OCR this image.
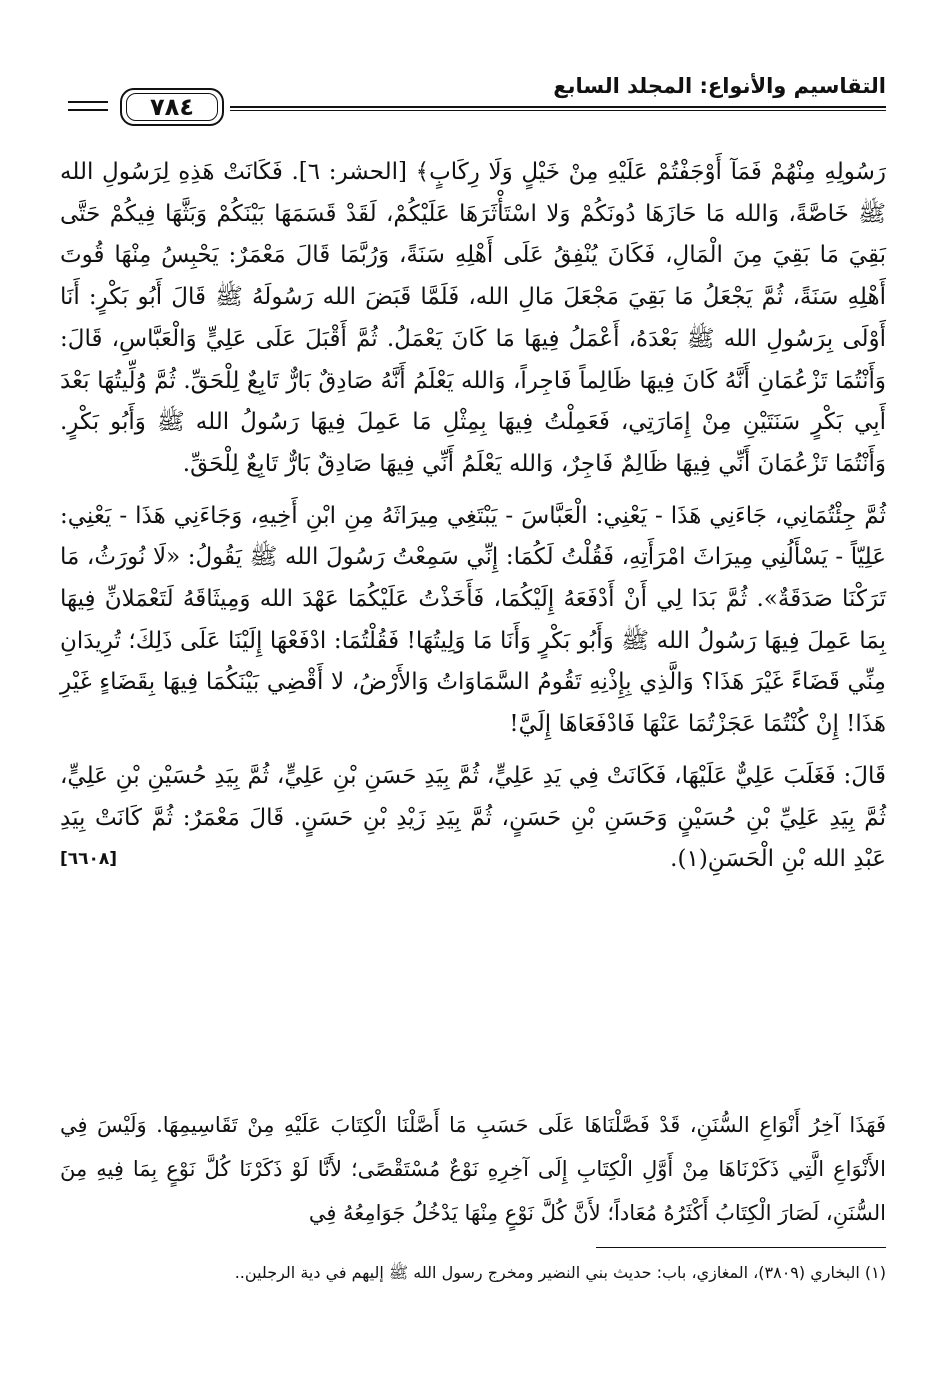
٧٨٤
التقاسيم والأنواع: المجلد السابع

رَسُولِهِ مِنْهُمْ فَمَآ أَوْجَفْتُمْ عَلَيْهِ مِنْ خَيْلٍ وَلَا رِكَابٍ﴾ [الحشر: ٦]. فَكَانَتْ هَذِهِ لِرَسُولِ الله ﷺ خَاصَّةً، وَالله مَا حَازَهَا دُونَكُمْ وَلا اسْتَأْثَرَهَا عَلَيْكُمْ، لَقَدْ قَسَمَهَا بَيْنَكُمْ وَبَثَّهَا فِيكُمْ حَتَّى بَقِيَ مَا بَقِيَ مِنَ الْمَالِ، فَكَانَ يُنْفِقُ عَلَى أَهْلِهِ سَنَةً، وَرُبَّمَا قَالَ مَعْمَرٌ: يَحْبِسُ مِنْهَا قُوتَ أَهْلِهِ سَنَةً، ثُمَّ يَجْعَلُ مَا بَقِيَ مَجْعَلَ مَالِ الله، فَلَمَّا قَبَضَ الله رَسُولَهُ ﷺ قَالَ أَبُو بَكْرٍ: أَنَا أَوْلَى بِرَسُولِ الله ﷺ بَعْدَهُ، أَعْمَلُ فِيهَا مَا كَانَ يَعْمَلُ. ثُمَّ أَقْبَلَ عَلَى عَلِيٍّ وَالْعَبَّاسِ، قَالَ: وَأَنْتُمَا تَزْعُمَانِ أَنَّهُ كَانَ فِيهَا ظَالِماً فَاجِراً، وَالله يَعْلَمُ أَنَّهُ صَادِقٌ بَارٌّ تَابِعٌ لِلْحَقِّ. ثُمَّ وُلِّيتُهَا بَعْدَ أَبِي بَكْرٍ سَنَتَيْنِ مِنْ إِمَارَتِي، فَعَمِلْتُ فِيهَا بِمِثْلِ مَا عَمِلَ فِيهَا رَسُولُ الله ﷺ وَأَبُو بَكْرٍ. وَأَنْتُمَا تَزْعُمَانَ أَنِّي فِيهَا ظَالِمٌ فَاجِرٌ، وَالله يَعْلَمُ أَنِّي فِيهَا صَادِقٌ بَارٌّ تَابِعٌ لِلْحَقِّ.

ثُمَّ جِئْتُمَانِي، جَاءَنِي هَذَا - يَعْنِي: الْعَبَّاسَ - يَبْتَغِي مِيرَاثَهُ مِنِ ابْنِ أَخِيهِ، وَجَاءَنِي هَذَا - يَعْنِي: عَلِيّاً - يَسْأَلُنِي مِيرَاثَ امْرَأَتِهِ، فَقُلْتُ لَكُمَا: إِنِّي سَمِعْتُ رَسُولَ الله ﷺ يَقُولُ: «لَا نُورَثُ، مَا تَرَكْنَا صَدَقَةٌ». ثُمَّ بَدَا لِي أَنْ أَدْفَعَهُ إِلَيْكُمَا، فَأَخَذْتُ عَلَيْكُمَا عَهْدَ الله وَمِيثَاقَهُ لَتَعْمَلانِّ فِيهَا بِمَا عَمِلَ فِيهَا رَسُولُ الله ﷺ وَأَبُو بَكْرٍ وَأَنَا مَا وَلِيتُهَا! فَقُلْتُمَا: ادْفَعْهَا إِلَيْنَا عَلَى ذَلِكَ؛ تُرِيدَانِ مِنِّي قَضَاءً غَيْرَ هَذَا؟ وَالَّذِي بِإِذْنِهِ تَقُومُ السَّمَاوَاتُ وَالأَرْضُ، لا أَقْضِي بَيْنَكُمَا فِيهَا بِقَضَاءٍ غَيْرِ هَذَا! إِنْ كُنْتُمَا عَجَزْتُمَا عَنْهَا فَادْفَعَاهَا إِلَيَّ!

قَالَ: فَغَلَبَ عَلِيٌّ عَلَيْهَا، فَكَانَتْ فِي يَدِ عَلِيٍّ، ثُمَّ بِيَدِ حَسَنِ بْنِ عَلِيٍّ، ثُمَّ بِيَدِ حُسَيْنِ بْنِ عَلِيٍّ، ثُمَّ بِيَدِ عَلِيِّ بْنِ حُسَيْنٍ وَحَسَنِ بْنِ حَسَنٍ، ثُمَّ بِيَدِ زَيْدِ بْنِ حَسَنٍ. قَالَ مَعْمَرٌ: ثُمَّ كَانَتْ بِيَدِ عَبْدِ الله بْنِ الْحَسَنِ(١).
[٦٦٠٨]

فَهَذَا آخِرُ أَنْوَاعِ السُّنَنِ، قَدْ فَصَّلْنَاهَا عَلَى حَسَبِ مَا أَصَّلْنَا الْكِتَابَ عَلَيْهِ مِنْ تَقَاسِيمِهَا. وَلَيْسَ فِي الأَنْوَاعِ الَّتِي ذَكَرْنَاهَا مِنْ أَوَّلِ الْكِتَابِ إِلَى آخِرِهِ نَوْعٌ مُسْتَقْصًى؛ لأَنَّا لَوْ ذَكَرْنَا كُلَّ نَوْعٍ بِمَا فِيهِ مِنَ السُّنَنِ، لَصَارَ الْكِتَابُ أَكْثَرُهُ مُعَاداً؛ لأَنَّ كُلَّ نَوْعٍ مِنْهَا يَدْخُلُ جَوَامِعُهُ فِي

(١) البخاري (٣٨٠٩)، المغازي، باب: حديث بني النضير ومخرج رسول الله ﷺ إليهم في دية الرجلين..
